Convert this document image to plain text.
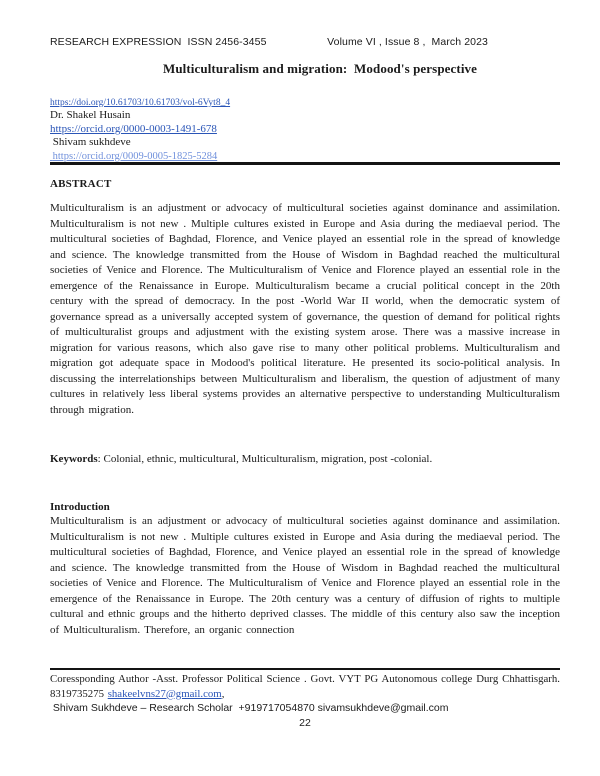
RESEARCH EXPRESSION  ISSN 2456-3455	Volume VI , Issue 8 ,  March 2023
Multiculturalism and migration:  Modood's perspective
https://doi.org/10.61703/10.61703/vol-6Vyt8_4
Dr. Shakel Husain
https://orcid.org/0000-0003-1491-678
Shivam sukhdeve
https://orcid.org/0009-0005-1825-5284
ABSTRACT
Multiculturalism is an adjustment or advocacy of multicultural societies against dominance and assimilation. Multiculturalism is not new . Multiple cultures existed in Europe and Asia during the mediaeval period. The multicultural societies of Baghdad, Florence, and Venice played an essential role in the spread of knowledge and science. The knowledge transmitted from the House of Wisdom in Baghdad reached the multicultural societies of Venice and Florence. The Multiculturalism of Venice and Florence played an essential role in the emergence of the Renaissance in Europe. Multiculturalism became a crucial political concept in the 20th century with the spread of democracy. In the post -World War II world, when the democratic system of governance spread as a universally accepted system of governance, the question of demand for political rights of multiculturalist groups and adjustment with the existing system arose. There was a massive increase in migration for various reasons, which also gave rise to many other political problems. Multiculturalism and migration got adequate space in Modood's political literature. He presented its socio-political analysis. In discussing the interrelationships between Multiculturalism and liberalism, the question of adjustment of many cultures in relatively less liberal systems provides an alternative perspective to understanding Multiculturalism through migration.
Keywords: Colonial, ethnic, multicultural, Multiculturalism, migration, post -colonial.
Introduction
Multiculturalism is an adjustment or advocacy of multicultural societies against dominance and assimilation. Multiculturalism is not new . Multiple cultures existed in Europe and Asia during the mediaeval period. The multicultural societies of Baghdad, Florence, and Venice played an essential role in the spread of knowledge and science. The knowledge transmitted from the House of Wisdom in Baghdad reached the multicultural societies of Venice and Florence. The Multiculturalism of Venice and Florence played an essential role in the emergence of the Renaissance in Europe. The 20th century was a century of diffusion of rights to multiple cultural and ethnic groups and the hitherto deprived classes. The middle of this century also saw the inception of Multiculturalism. Therefore, an organic connection
Coressponding Author -Asst. Professor Political Science . Govt. VYT PG Autonomous college Durg Chhattisgarh. 8319735275 shakeelvns27@gmail.com,
Shivam Sukhdeve – Research Scholar  +919717054870 sivamsukhdeve@gmail.com
22
